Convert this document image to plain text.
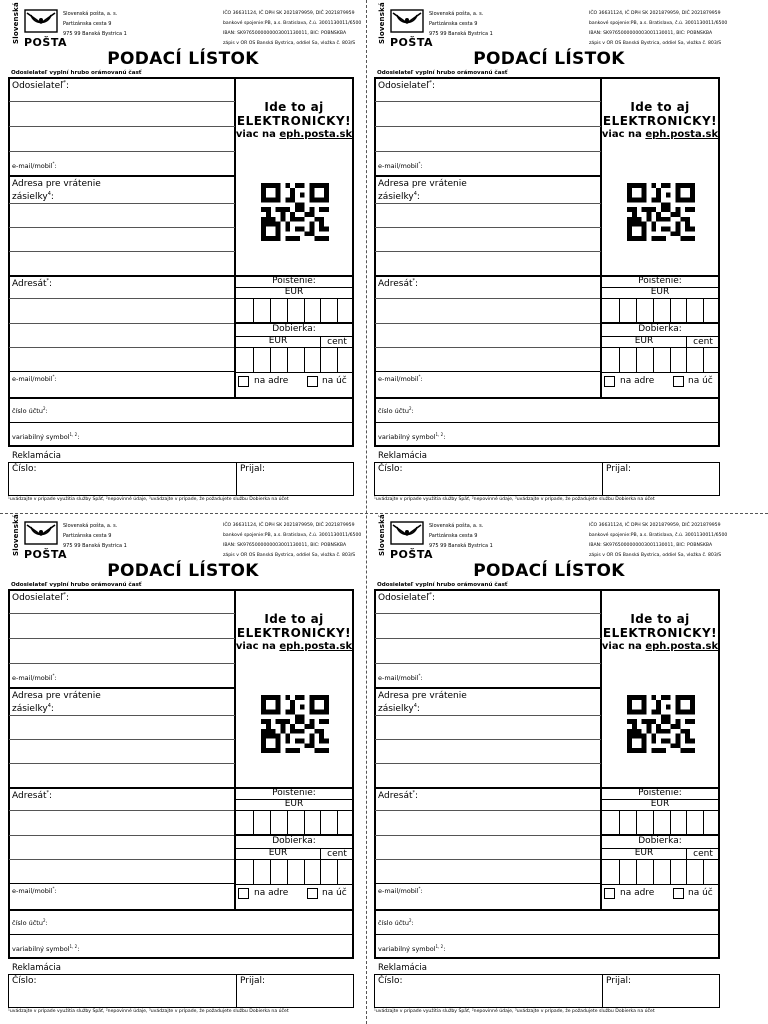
Slovenská POŠTA
Slovenská pošta, a. s.
Partizánska cesta 9
975 99 Banská Bystrica 1
IČO 36631124, IČ DPH SK 2021879959, DIČ 2021879959
bankové spojenie:PB, a.s. Bratislava, č.ú. 3001130011/6500
IBAN: SK9765000000003001130011, BIC: POBNSKBA
zápis v OR OS Banská Bystrica, oddiel Sa, vložka č. 803/S
PODACÍ LÍSTOK
Odosielateľ vyplní hrubo orámovanú časť
Odosielateľ*:
e-mail/mobil*:
Adresa pre vrátenie
zásielky$^4$:
Ide to aj
ELEKTRONICKY!
viac na eph.posta.sk
Adresát*:
e-mail/mobil*:
Poistenie:
EUR
Dobierka:
EUR	cent
na adre	na úč
číslo účtu$^2$:
variabilný symbol$^{1, 2}$:
Reklamácia
Číslo:	Prijal:
¹uvádzajte v prípade využitia služby Späť, ²nepovinné údaje, ³uvádzajte v prípade, že požadujete službu Dobierka na účet
Slovenská POŠTA
Slovenská pošta, a. s.
Partizánska cesta 9
975 99 Banská Bystrica 1
IČO 36631124, IČ DPH SK 2021879959, DIČ 2021879959
bankové spojenie:PB, a.s. Bratislava, č.ú. 3001130011/6500
IBAN: SK9765000000003001130011, BIC: POBNSKBA
zápis v OR OS Banská Bystrica, oddiel Sa, vložka č. 803/S
PODACÍ LÍSTOK
Odosielateľ vyplní hrubo orámovanú časť
Odosielateľ*:
e-mail/mobil*:
Adresa pre vrátenie
zásielky$^4$:
Ide to aj
ELEKTRONICKY!
viac na eph.posta.sk
Adresát*:
e-mail/mobil*:
Poistenie:
EUR
Dobierka:
EUR	cent
na adre	na úč
číslo účtu$^2$:
variabilný symbol$^{1, 2}$:
Reklamácia
Číslo:	Prijal:
¹uvádzajte v prípade využitia služby Späť, ²nepovinné údaje, ³uvádzajte v prípade, že požadujete službu Dobierka na účet
Slovenská POŠTA
Slovenská pošta, a. s.
Partizánska cesta 9
975 99 Banská Bystrica 1
IČO 36631124, IČ DPH SK 2021879959, DIČ 2021879959
bankové spojenie:PB, a.s. Bratislava, č.ú. 3001130011/6500
IBAN: SK9765000000003001130011, BIC: POBNSKBA
zápis v OR OS Banská Bystrica, oddiel Sa, vložka č. 803/S
PODACÍ LÍSTOK
Odosielateľ vyplní hrubo orámovanú časť
Odosielateľ*:
e-mail/mobil*:
Adresa pre vrátenie
zásielky$^4$:
Ide to aj
ELEKTRONICKY!
viac na eph.posta.sk
Adresát*:
e-mail/mobil*:
Poistenie:
EUR
Dobierka:
EUR	cent
na adre	na úč
číslo účtu$^2$:
variabilný symbol$^{1, 2}$:
Reklamácia
Číslo:	Prijal:
¹uvádzajte v prípade využitia služby Späť, ²nepovinné údaje, ³uvádzajte v prípade, že požadujete službu Dobierka na účet
Slovenská POŠTA
Slovenská pošta, a. s.
Partizánska cesta 9
975 99 Banská Bystrica 1
IČO 36631124, IČ DPH SK 2021879959, DIČ 2021879959
bankové spojenie:PB, a.s. Bratislava, č.ú. 3001130011/6500
IBAN: SK9765000000003001130011, BIC: POBNSKBA
zápis v OR OS Banská Bystrica, oddiel Sa, vložka č. 803/S
PODACÍ LÍSTOK
Odosielateľ vyplní hrubo orámovanú časť
Odosielateľ*:
e-mail/mobil*:
Adresa pre vrátenie
zásielky$^4$:
Ide to aj
ELEKTRONICKY!
viac na eph.posta.sk
Adresát*:
e-mail/mobil*:
Poistenie:
EUR
Dobierka:
EUR	cent
na adre	na úč
číslo účtu$^2$:
variabilný symbol$^{1, 2}$:
Reklamácia
Číslo:	Prijal:
¹uvádzajte v prípade využitia služby Späť, ²nepovinné údaje, ³uvádzajte v prípade, že požadujete službu Dobierka na účet
